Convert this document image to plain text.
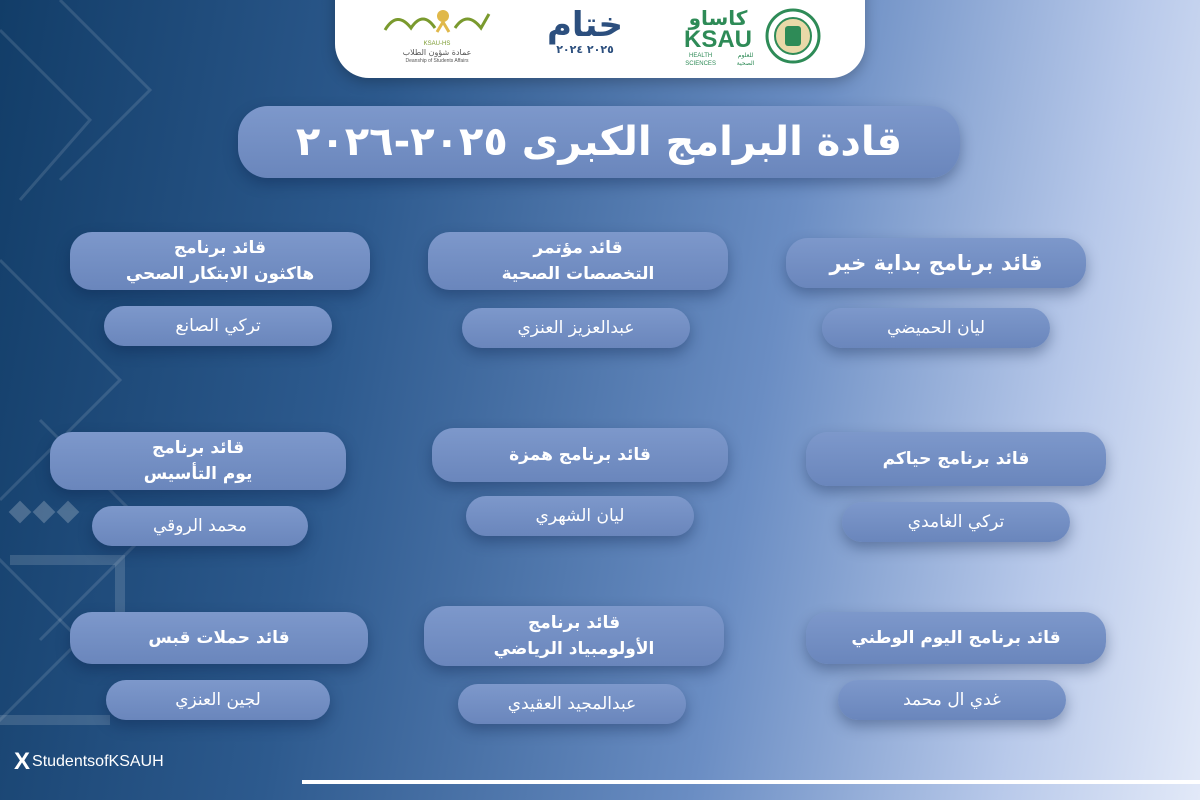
كاساو
KSAU
HEALTH SCIENCES
للعلوم الصحية
ختام
٢٠٢٥ ٢٠٢٤
KSAU-HS
عمادة شؤون الطلاب
Deanship of Students Affairs
قادة البرامج الكبرى ٢٠٢٥-٢٠٢٦
قائد برنامج بداية خير
ليان الحميضي
قائد مؤتمر
التخصصات الصحية
عبدالعزيز العنزي
قائد برنامج
هاكثون الابتكار الصحي
تركي الصانع
قائد برنامج حياكم
تركي الغامدي
قائد برنامج همزة
ليان الشهري
قائد برنامج
يوم التأسيس
محمد الروقي
قائد برنامج اليوم الوطني
غدي ال محمد
قائد برنامج
الأولومبياد الرياضي
عبدالمجيد العقيدي
قائد حملات قبس
لجين العنزي
X StudentsofKSAUH
